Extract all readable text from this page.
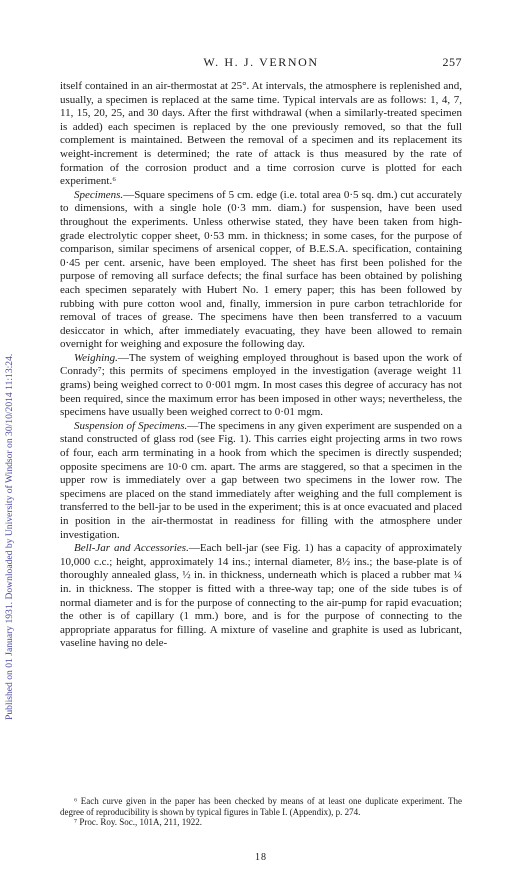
Published on 01 January 1931. Downloaded by University of Windsor on 30/10/2014 11:13:24.
W. H. J. VERNON	257

itself contained in an air-thermostat at 25°. At intervals, the atmosphere is replenished and, usually, a specimen is replaced at the same time. Typical intervals are as follows: 1, 4, 7, 11, 15, 20, 25, and 30 days. After the first withdrawal (when a similarly-treated specimen is added) each specimen is replaced by the one previously removed, so that the full complement is maintained. Between the removal of a specimen and its replacement its weight-increment is determined; the rate of attack is thus measured by the rate of formation of the corrosion product and a time corrosion curve is plotted for each experiment.⁶

Specimens.—Square specimens of 5 cm. edge (i.e. total area 0·5 sq. dm.) cut accurately to dimensions, with a single hole (0·3 mm. diam.) for suspension, have been used throughout the experiments. Unless otherwise stated, they have been taken from high-grade electrolytic copper sheet, 0·53 mm. in thickness; in some cases, for the purpose of comparison, similar specimens of arsenical copper, of B.E.S.A. specification, containing 0·45 per cent. arsenic, have been employed. The sheet has first been polished for the purpose of removing all surface defects; the final surface has been obtained by polishing each specimen separately with Hubert No. 1 emery paper; this has been followed by rubbing with pure cotton wool and, finally, immersion in pure carbon tetrachloride for removal of traces of grease. The specimens have then been transferred to a vacuum desiccator in which, after immediately evacuating, they have been allowed to remain overnight for weighing and exposure the following day.

Weighing.—The system of weighing employed throughout is based upon the work of Conrady⁷; this permits of specimens employed in the investigation (average weight 11 grams) being weighed correct to 0·001 mgm. In most cases this degree of accuracy has not been required, since the maximum error has been imposed in other ways; nevertheless, the specimens have usually been weighed correct to 0·01 mgm.

Suspension of Specimens.—The specimens in any given experiment are suspended on a stand constructed of glass rod (see Fig. 1). This carries eight projecting arms in two rows of four, each arm terminating in a hook from which the specimen is directly suspended; opposite specimens are 10·0 cm. apart. The arms are staggered, so that a specimen in the upper row is immediately over a gap between two specimens in the lower row. The specimens are placed on the stand immediately after weighing and the full complement is transferred to the bell-jar to be used in the experiment; this is at once evacuated and placed in position in the air-thermostat in readiness for filling with the atmosphere under investigation.

Bell-Jar and Accessories.—Each bell-jar (see Fig. 1) has a capacity of approximately 10,000 c.c.; height, approximately 14 ins.; internal diameter, 8½ ins.; the base-plate is of thoroughly annealed glass, ½ in. in thickness, underneath which is placed a rubber mat ¼ in. in thickness. The stopper is fitted with a three-way tap; one of the side tubes is of normal diameter and is for the purpose of connecting to the air-pump for rapid evacuation; the other is of capillary (1 mm.) bore, and is for the purpose of connecting to the appropriate apparatus for filling. A mixture of vaseline and graphite is used as lubricant, vaseline having no dele-

⁶ Each curve given in the paper has been checked by means of at least one duplicate experiment. The degree of reproducibility is shown by typical figures in Table I. (Appendix), p. 274.

⁷ Proc. Roy. Soc., 101A, 211, 1922.

18
